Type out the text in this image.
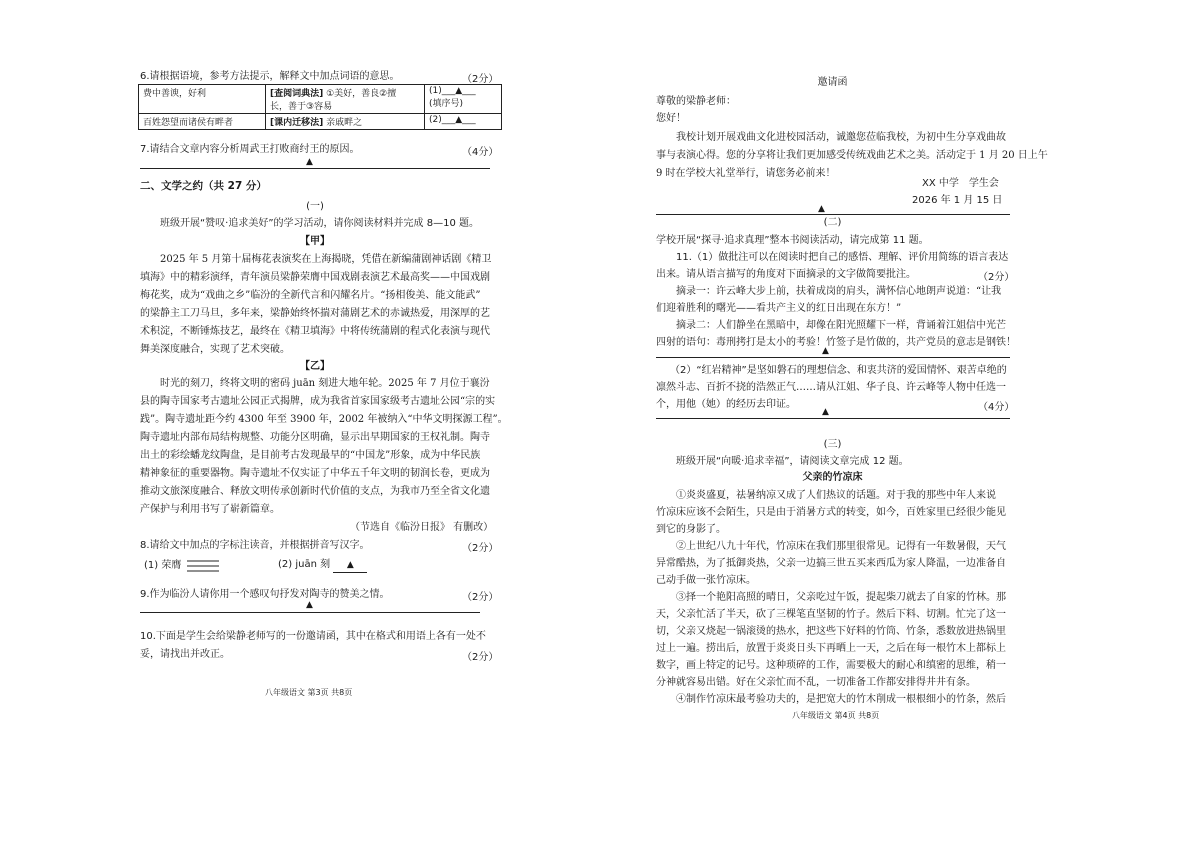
6.请根据语境，参考方法提示，解释文中加点词语的意思。	（2分）
费中善谀，好利	[查阅词典法] ①美好，善良②擅
长，善于③容易	(1)___▲___
(填序号)
百姓怨望而诸侯有畔者	[课内迁移法] 亲戚畔之	(2)___▲___
7.请结合文章内容分析周武王打败商纣王的原因。	（4分）
▲
二、文学之约（共 27 分）
(一)
班级开展“赞叹·追求美好”的学习活动，请你阅读材料并完成 8—10 题。
【甲】
2025 年 5 月第十届梅花表演奖在上海揭晓，凭借在新编蒲剧神话剧《精卫
填海》中的精彩演绎，青年演员梁静荣膺中国戏剧表演艺术最高奖——中国戏剧
梅花奖，成为“戏曲之乡”临汾的全新代言和闪耀名片。“扬相俊美、能文能武”
的梁静主工刀马旦，多年来，梁静始终怀揣对蒲剧艺术的赤诚热爱，用深厚的艺
术积淀，不断锤炼技艺，最终在《精卫填海》中将传统蒲剧的程式化表演与现代
舞美深度融合，实现了艺术突破。
【乙】
时光的刻刀，终将文明的密码 juān 刻进大地年轮。2025 年 7 月位于襄汾
县的陶寺国家考古遗址公园正式揭牌，成为我省首家国家级考古遗址公园“宗的实
践”。陶寺遗址距今约 4300 年至 3900 年，2002 年被纳入“中华文明探源工程”。
陶寺遗址内部布局结构规整、功能分区明确，显示出早期国家的王权礼制。陶寺
出土的彩绘蟠龙纹陶盘，是目前考古发现最早的“中国龙”形象，成为中华民族
精神象征的重要器物。陶寺遗址不仅实证了中华五千年文明的韧润长卷，更成为
推动文旅深度融合、释放文明传承创新时代价值的支点，为我市乃至全省文化遗
产保护与利用书写了崭新篇章。
（节选自《临汾日报》 有删改）
8.请给文中加点的字标注读音，并根据拼音写汉字。	（2分）
(1) 荣膺	(2) juān 刻 ▲
9.作为临汾人请你用一个感叹句抒发对陶寺的赞美之情。	（2分）
▲
10.下面是学生会给梁静老师写的一份邀请函，其中在格式和用语上各有一处不
妥，请找出并改正。	（2分）
八年级语文 第3页 共8页
邀请函
尊敬的梁静老师：
您好！
我校计划开展戏曲文化进校园活动，诚邀您莅临我校，为初中生分享戏曲故
事与表演心得。您的分享将让我们更加感受传统戏曲艺术之美。活动定于 1 月 20 日上午
9 时在学校大礼堂举行，请您务必前来！
XX 中学　学生会
2026 年 1 月 15 日
▲
(二)
学校开展“探寻·追求真理”整本书阅读活动，请完成第 11 题。
11.（1）做批注可以在阅读时把自己的感悟、理解、评价用简练的语言表达
出来。请从语言描写的角度对下面摘录的文字做简要批注。	（2分）
摘录一：许云峰大步上前，扶着成岗的肩头，满怀信心地朗声说道：“让我
们迎着胜利的曙光——看共产主义的红日出现在东方！”
摘录二：人们静坐在黑暗中，却像在阳光照耀下一样，背诵着江姐信中光芒
四射的语句：毒刑拷打是太小的考验！竹签子是竹做的，共产党员的意志是钢铁！
▲
（2）“红岩精神”是坚如磐石的理想信念、和衷共济的爱国情怀、艰苦卓绝的
凛然斗志、百折不挠的浩然正气……请从江姐、华子良、许云峰等人物中任选一
个，用他（她）的经历去印证。	（4分）
▲
(三)
班级开展“向暖·追求幸福”，请阅读文章完成 12 题。
父亲的竹凉床
①炎炎盛夏，祛暑纳凉又成了人们热议的话题。对于我的那些中年人来说
竹凉床应该不会陌生，只是由于消暑方式的转变，如今，百姓家里已经很少能见
到它的身影了。
②上世纪八九十年代，竹凉床在我们那里很常见。记得有一年数暑假，天气
异常酷热，为了抵御炎热，父亲一边搞三世五买来西瓜为家人降温，一边准备自
己动手做一张竹凉床。
③择一个艳阳高照的晴日，父亲吃过午饭，提起柴刀就去了自家的竹林。那
天，父亲忙活了半天，砍了三棵笔直坚韧的竹子。然后下料、切割。忙完了这一
切，父亲又烧起一锅滚烫的热水，把这些下好料的竹筒、竹条，悉数放进热锅里
过上一遍。捞出后，放置于炎炎日头下再晒上一天，之后在每一根竹木上都标上
数字，画上特定的记号。这种琐碎的工作，需要极大的耐心和缜密的思维，稍一
分神就容易出错。好在父亲忙而不乱，一切准备工作都安排得井井有条。
④制作竹凉床最考验功夫的，是把宽大的竹木削成一根根细小的竹条，然后
八年级语文 第4页 共8页
